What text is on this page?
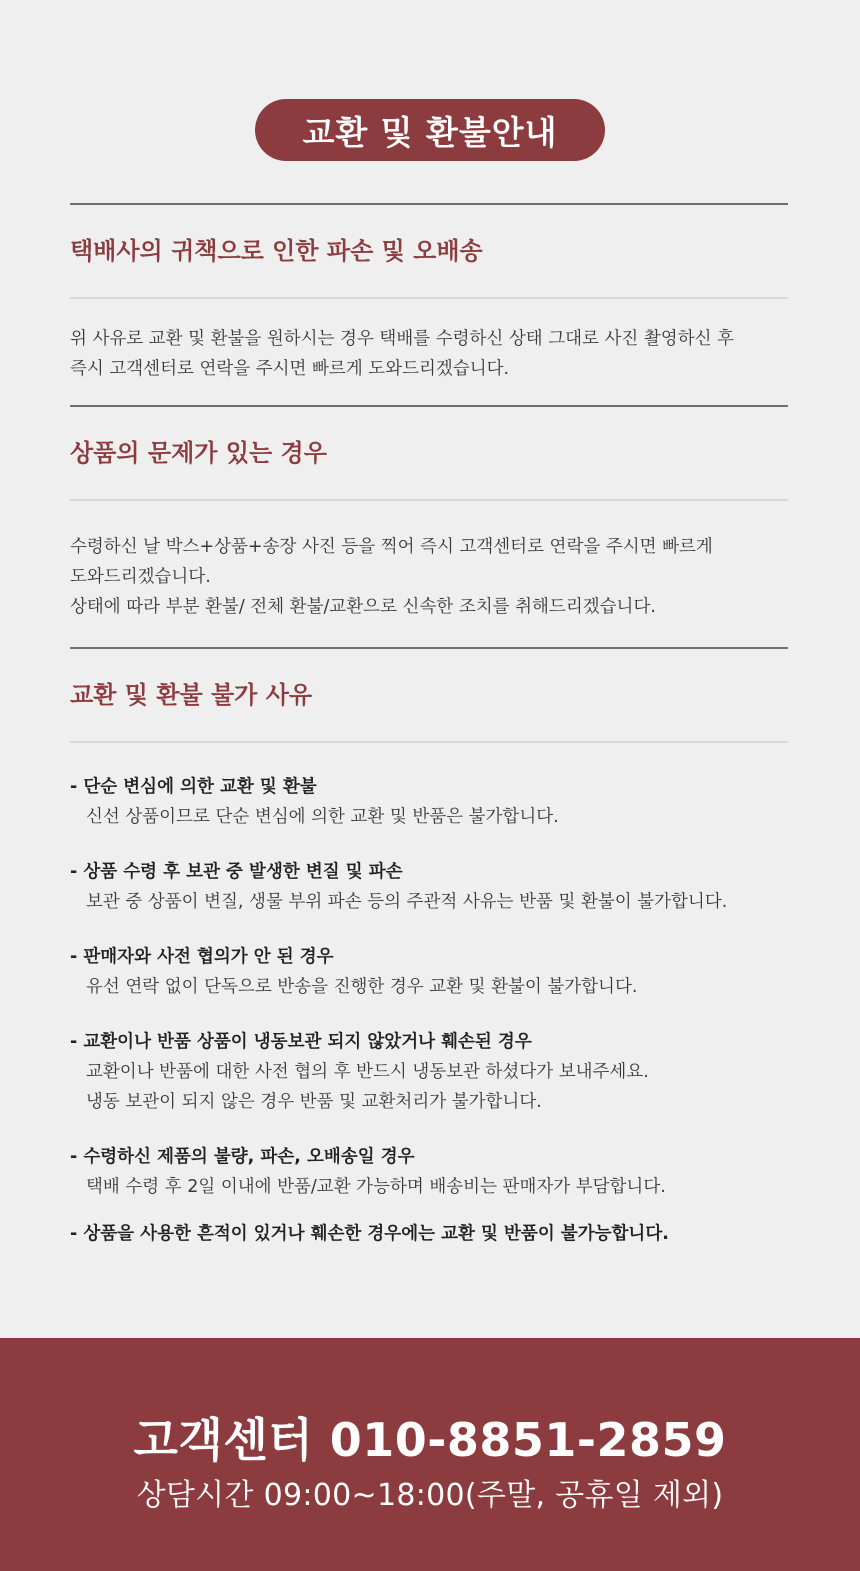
교환 및 환불안내
택배사의 귀책으로 인한 파손 및 오배송
위 사유로 교환 및 환불을 원하시는 경우 택배를 수령하신 상태 그대로 사진 촬영하신 후
즉시 고객센터로 연락을 주시면 빠르게 도와드리겠습니다.
상품의 문제가 있는 경우
수령하신 날 박스+상품+송장 사진 등을 찍어 즉시 고객센터로 연락을 주시면 빠르게
도와드리겠습니다.
상태에 따라 부분 환불/ 전체 환불/교환으로 신속한 조치를 취해드리겠습니다.
교환 및 환불 불가 사유
- 단순 변심에 의한 교환 및 환불
신선 상품이므로 단순 변심에 의한 교환 및 반품은 불가합니다.
- 상품 수령 후 보관 중 발생한 변질 및 파손
보관 중 상품이 변질, 생물 부위 파손 등의 주관적 사유는 반품 및 환불이 불가합니다.
- 판매자와 사전 협의가 안 된 경우
유선 연락 없이 단독으로 반송을 진행한 경우 교환 및 환불이 불가합니다.
- 교환이나 반품 상품이 냉동보관 되지 않았거나 훼손된 경우
교환이나 반품에 대한 사전 협의 후 반드시 냉동보관 하셨다가 보내주세요.
냉동 보관이 되지 않은 경우 반품 및 교환처리가 불가합니다.
- 수령하신 제품의 불량, 파손, 오배송일 경우
택배 수령 후 2일 이내에 반품/교환 가능하며 배송비는 판매자가 부담합니다.
- 상품을 사용한 흔적이 있거나 훼손한 경우에는 교환 및 반품이 불가능합니다.
고객센터 010-8851-2859
상담시간 09:00~18:00(주말, 공휴일 제외)
